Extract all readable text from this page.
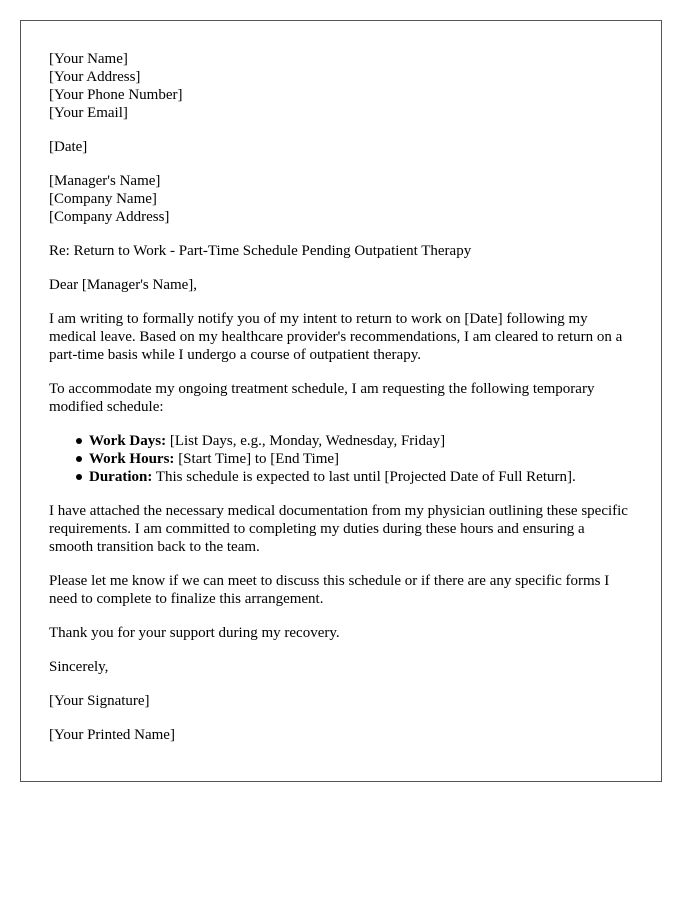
[Your Name]

[Your Address]

[Your Phone Number]

[Your Email]

[Date]

[Manager's Name]

[Company Name]

[Company Address]

Re: Return to Work - Part-Time Schedule Pending Outpatient Therapy

Dear [Manager's Name],

I am writing to formally notify you of my intent to return to work on [Date] following my medical leave. Based on my healthcare provider's recommendations, I am cleared to return on a part-time basis while I undergo a course of outpatient therapy.

To accommodate my ongoing treatment schedule, I am requesting the following temporary modified schedule:

Work Days: [List Days, e.g., Monday, Wednesday, Friday]
Work Hours: [Start Time] to [End Time]
Duration: This schedule is expected to last until [Projected Date of Full Return].

I have attached the necessary medical documentation from my physician outlining these specific requirements. I am committed to completing my duties during these hours and ensuring a smooth transition back to the team.

Please let me know if we can meet to discuss this schedule or if there are any specific forms I need to complete to finalize this arrangement.

Thank you for your support during my recovery.

Sincerely,

[Your Signature]

[Your Printed Name]
